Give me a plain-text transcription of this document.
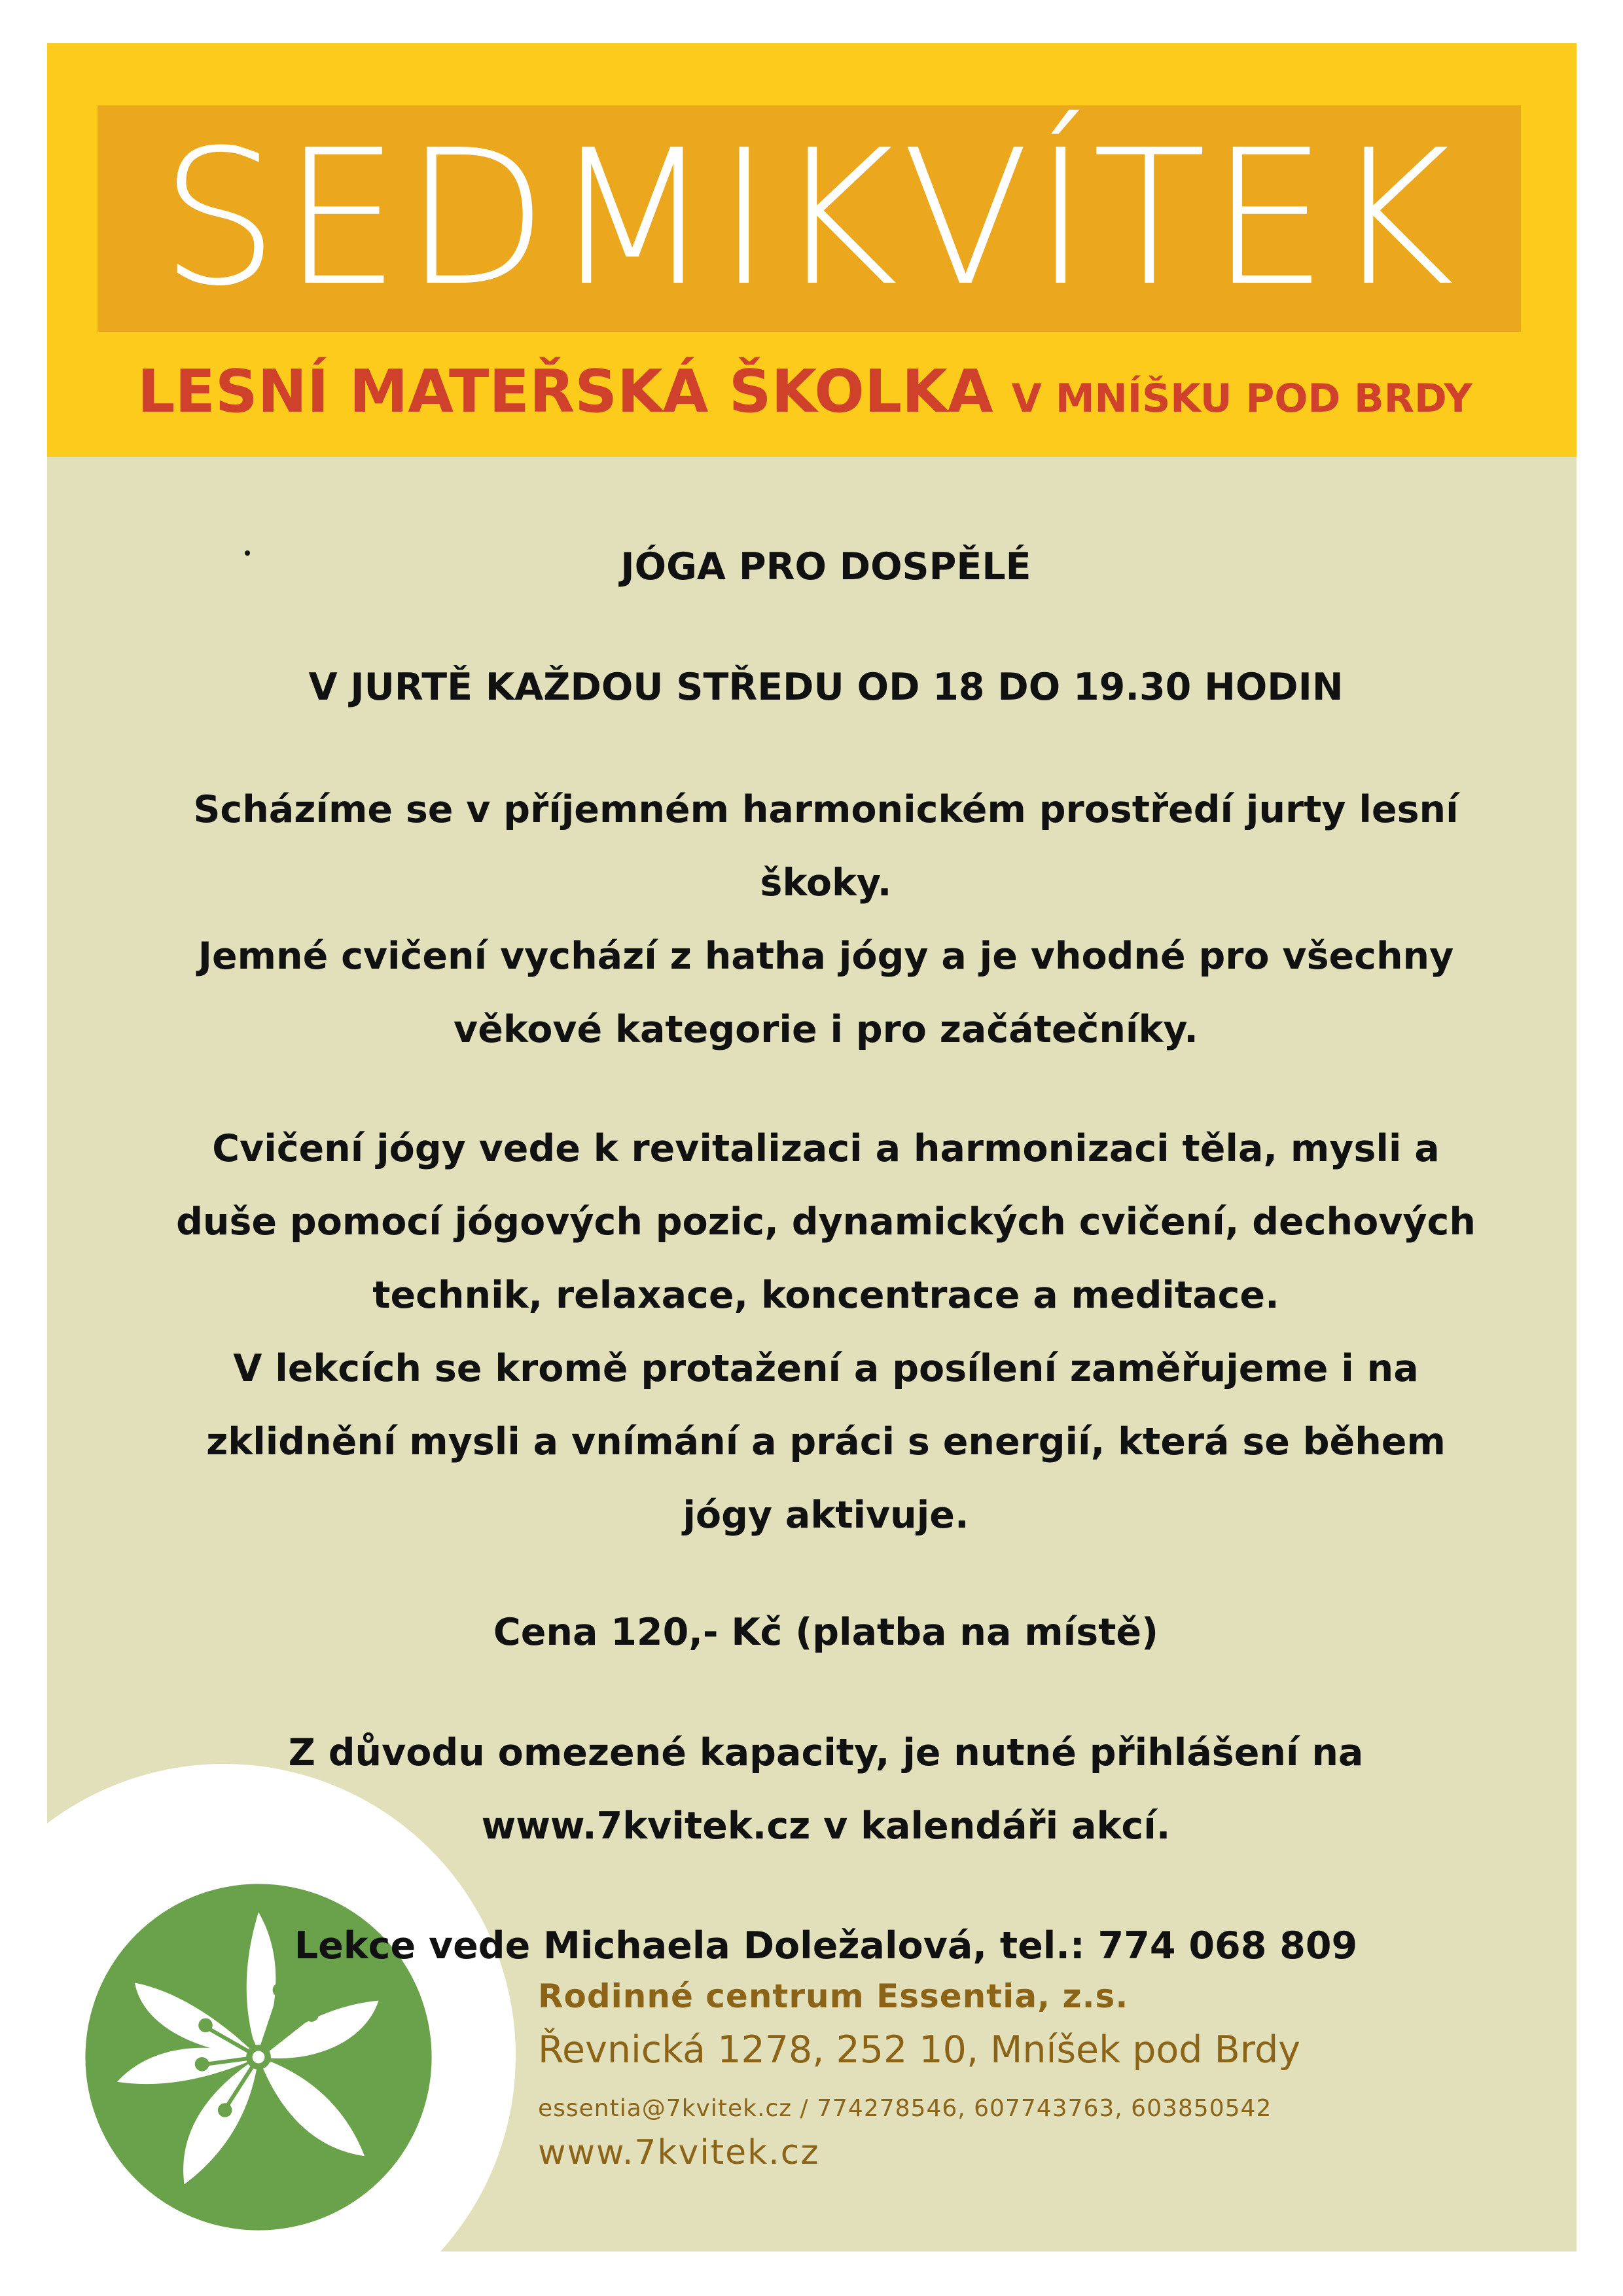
SEDMIKVÍTEK
LESNÍ MATEŘSKÁ ŠKOLKA V MNÍŠKU POD BRDY

JÓGA PRO DOSPĚLÉ

V JURTĚ KAŽDOU STŘEDU OD 18 DO 19.30 HODIN

Scházíme se v příjemném harmonickém prostředí jurty lesní

škoky.

Jemné cvičení vychází z hatha jógy a je vhodné pro všechny

věkové kategorie i pro začátečníky.

Cvičení jógy vede k revitalizaci a harmonizaci těla, mysli a

duše pomocí jógových pozic, dynamických cvičení, dechových

technik, relaxace, koncentrace a meditace.

V lekcích se kromě protažení a posílení zaměřujeme i na

zklidnění mysli a vnímání a práci s energií, která se během

jógy aktivuje.

Cena 120,- Kč (platba na místě)

Z důvodu omezené kapacity, je nutné přihlášení na

www.7kvitek.cz v kalendáři akcí.

Lekce vede Michaela Doležalová, tel.: 774 068 809

Rodinné centrum Essentia, z.s.
Řevnická 1278, 252 10, Mníšek pod Brdy
essentia@7kvitek.cz / 774278546, 607743763, 603850542
www.7kvitek.cz
